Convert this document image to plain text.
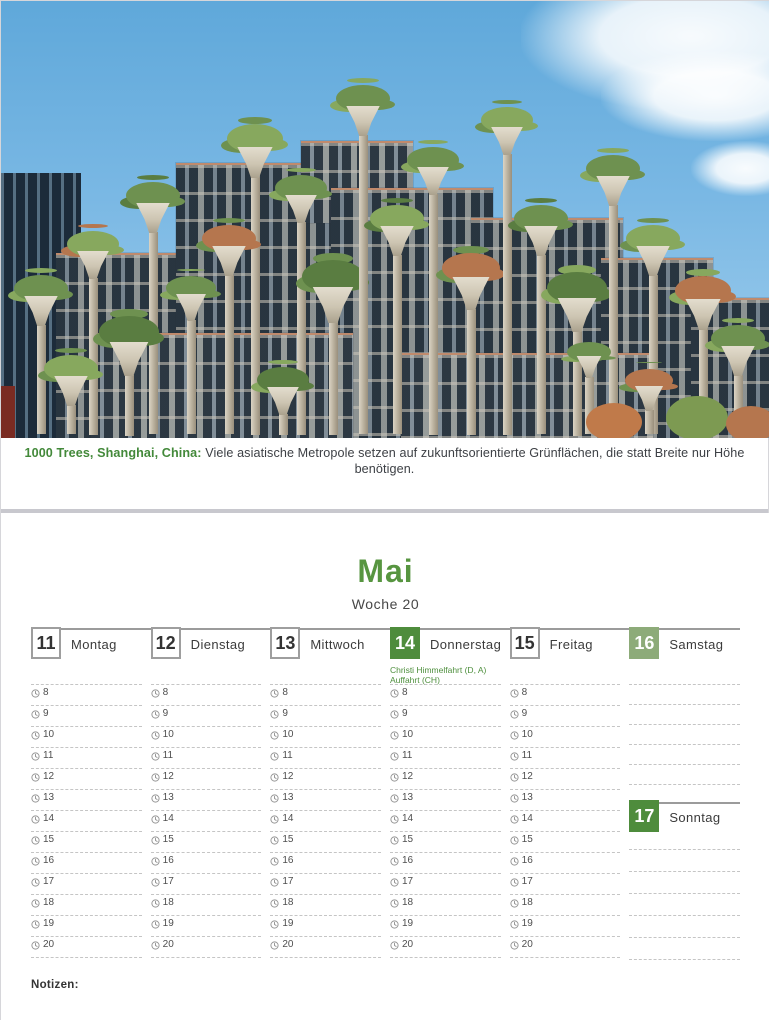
1000 Trees, Shanghai, China: Viele asiatische Metropole setzen auf zukunftsorientierte Grünflächen, die statt Breite nur Höhe benötigen.
Mai
Woche 20
11 Montag
8
9
10
11
12
13
14
15
16
17
18
19
20
12 Dienstag
8
9
10
11
12
13
14
15
16
17
18
19
20
13 Mittwoch
8
9
10
11
12
13
14
15
16
17
18
19
20
14 Donnerstag
Christi Himmelfahrt (D, A)
Auffahrt (CH)
8
9
10
11
12
13
14
15
16
17
18
19
20
15 Freitag
8
9
10
11
12
13
14
15
16
17
18
19
20
16 Samstag
17 Sonntag
Notizen:
